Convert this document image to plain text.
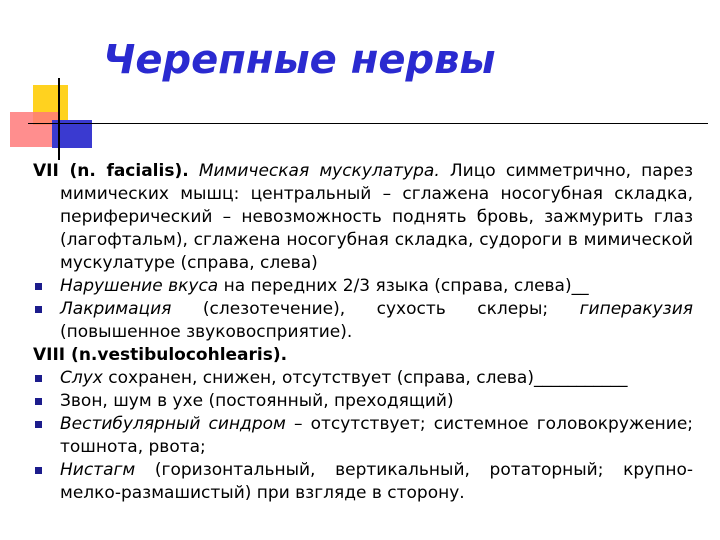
Черепные нервы

VII (n. facialis). Мимическая мускулатура. Лицо симметрично, парез мимических мышц: центральный – сглажена носогубная складка, периферический – невозможность поднять бровь, зажмурить глаз (лагофтальм), сглажена носогубная складка, судороги в мимической мускулатуре (справа, слева)

Нарушение вкуса на передних 2/3 языка (справа, слева)__

Лакримация (слезотечение), сухость склеры; гиперакузия (повышенное звуковосприятие).

VIII (n.vestibulocohlearis).

Слух сохранен, снижен, отсутствует (справа, слева)___________

Звон, шум в ухе (постоянный, преходящий)

Вестибулярный синдром – отсутствует; системное головокружение; тошнота, рвота;

Нистагм (горизонтальный, вертикальный, ротаторный; крупно-мелко-размашистый) при взгляде в сторону.
